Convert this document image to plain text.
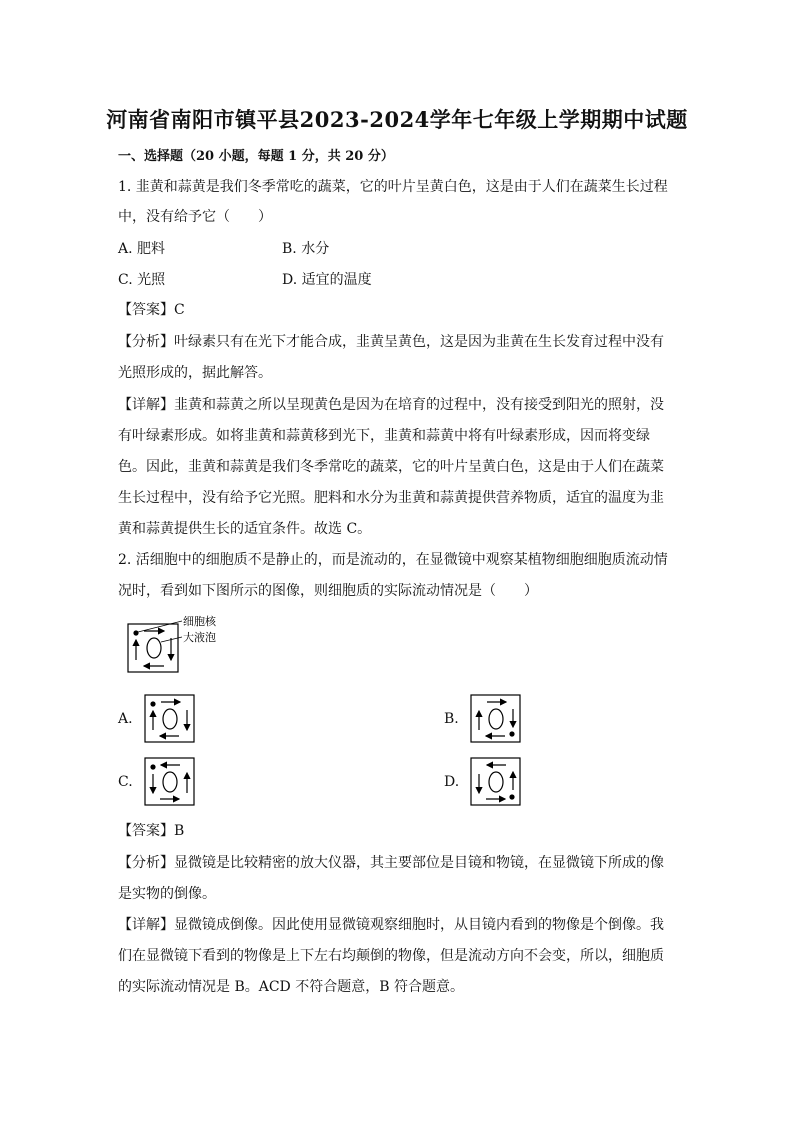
河南省南阳市镇平县2023-2024学年七年级上学期期中试题
一、选择题（20 小题，每题 1 分，共 20 分）
1. 韭黄和蒜黄是我们冬季常吃的蔬菜，它的叶片呈黄白色，这是由于人们在蔬菜生长过程
中，没有给予它（　　）
A. 肥料	B. 水分
C. 光照	D. 适宜的温度
【答案】C
【分析】叶绿素只有在光下才能合成，韭黄呈黄色，这是因为韭黄在生长发育过程中没有
光照形成的，据此解答。
【详解】韭黄和蒜黄之所以呈现黄色是因为在培育的过程中，没有接受到阳光的照射，没
有叶绿素形成。如将韭黄和蒜黄移到光下，韭黄和蒜黄中将有叶绿素形成，因而将变绿
色。因此，韭黄和蒜黄是我们冬季常吃的蔬菜，它的叶片呈黄白色，这是由于人们在蔬菜
生长过程中，没有给予它光照。肥料和水分为韭黄和蒜黄提供营养物质，适宜的温度为韭
黄和蒜黄提供生长的适宜条件。故选 C。
2. 活细胞中的细胞质不是静止的，而是流动的，在显微镜中观察某植物细胞细胞质流动情
况时，看到如下图所示的图像，则细胞质的实际流动情况是（　　）
细胞核
大液泡
A.	B.
C.	D.
【答案】B
【分析】显微镜是比较精密的放大仪器，其主要部位是目镜和物镜，在显微镜下所成的像
是实物的倒像。
【详解】显微镜成倒像。因此使用显微镜观察细胞时，从目镜内看到的物像是个倒像。我
们在显微镜下看到的物像是上下左右均颠倒的物像，但是流动方向不会变，所以，细胞质
的实际流动情况是 B。ACD 不符合题意，B 符合题意。
